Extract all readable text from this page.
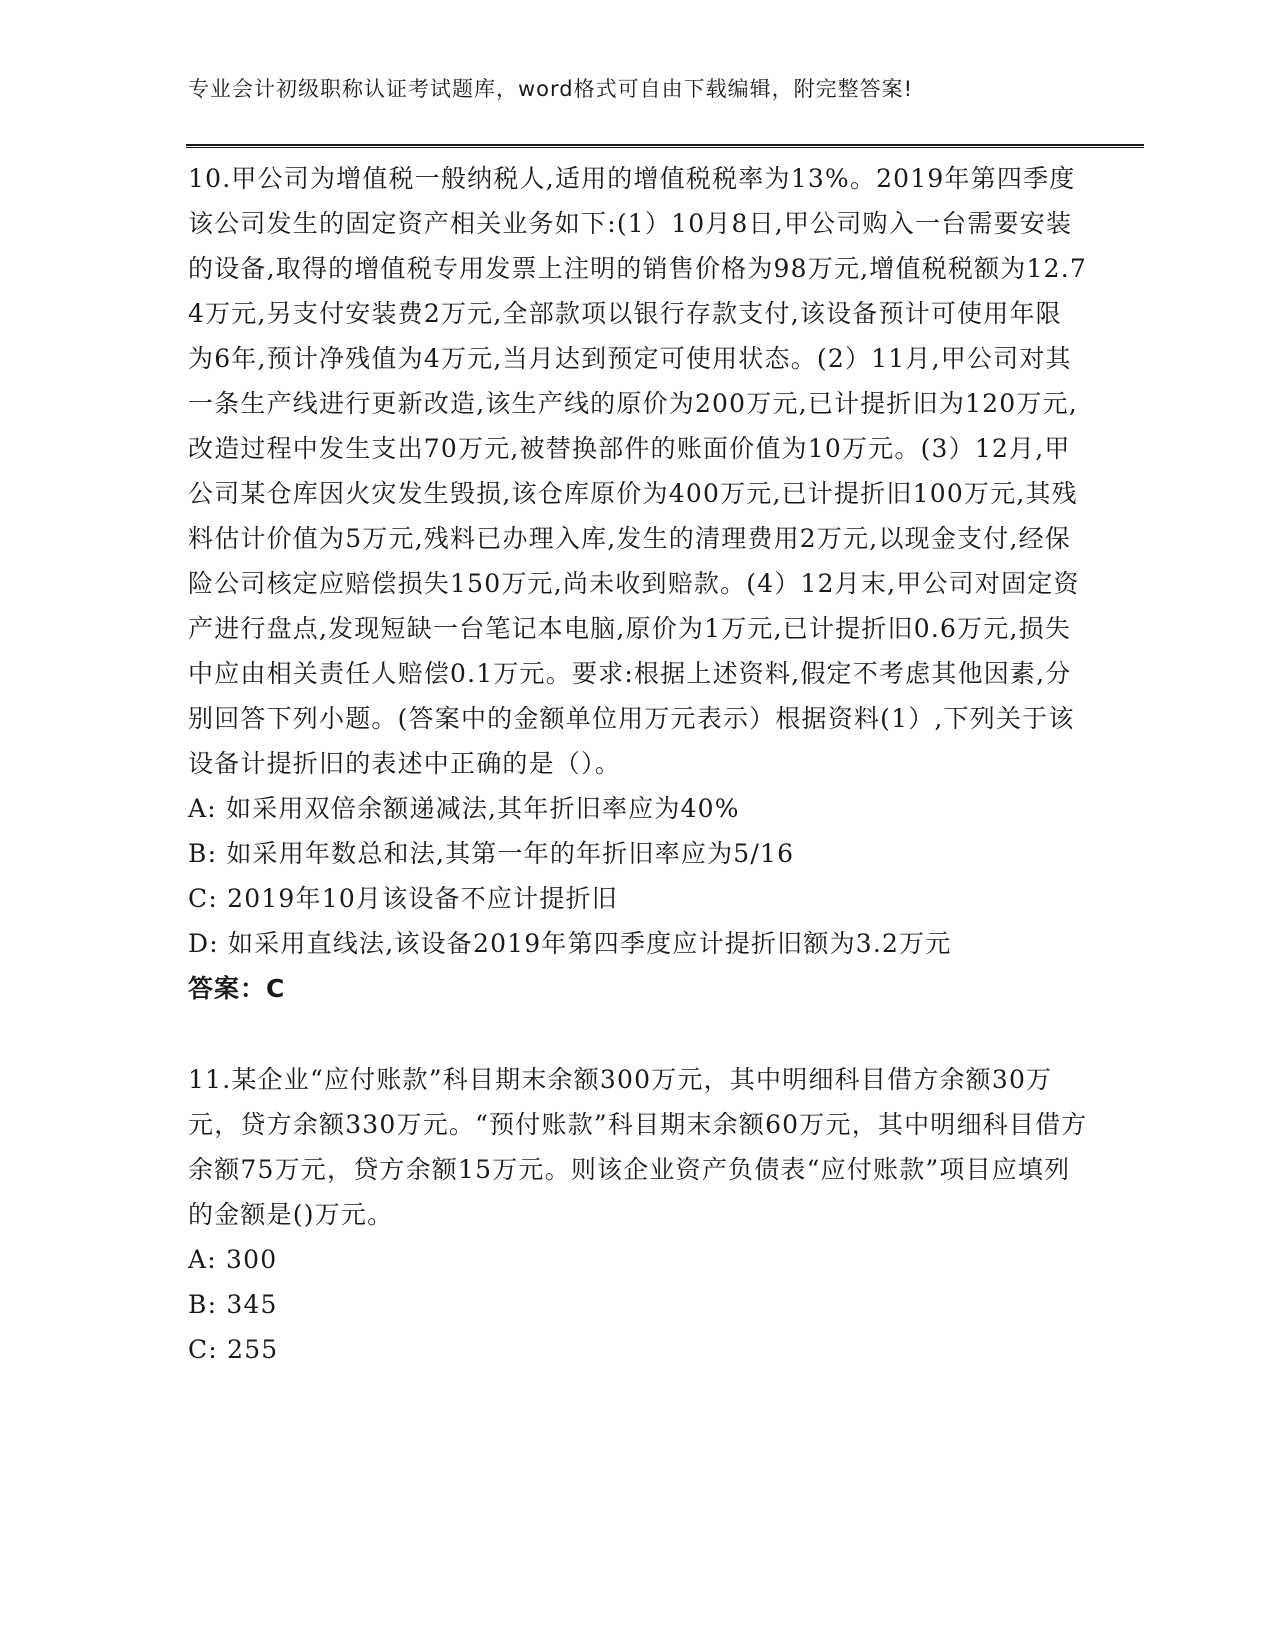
专业会计初级职称认证考试题库，word格式可自由下载编辑，附完整答案!

10.甲公司为增值税一般纳税人,适用的增值税税率为13%。2019年第四季度该公司发生的固定资产相关业务如下:(1）10月8日,甲公司购入一台需要安装的设备,取得的增值税专用发票上注明的销售价格为98万元,增值税税额为12.74万元,另支付安装费2万元,全部款项以银行存款支付,该设备预计可使用年限为6年,预计净残值为4万元,当月达到预定可使用状态。(2）11月,甲公司对其一条生产线进行更新改造,该生产线的原价为200万元,已计提折旧为120万元,改造过程中发生支出70万元,被替换部件的账面价值为10万元。(3）12月,甲公司某仓库因火灾发生毁损,该仓库原价为400万元,已计提折旧100万元,其残料估计价值为5万元,残料已办理入库,发生的清理费用2万元,以现金支付,经保险公司核定应赔偿损失150万元,尚未收到赔款。(4）12月末,甲公司对固定资产进行盘点,发现短缺一台笔记本电脑,原价为1万元,已计提折旧0.6万元,损失中应由相关责任人赔偿0.1万元。要求:根据上述资料,假定不考虑其他因素,分别回答下列小题。(答案中的金额单位用万元表示）根据资料(1）,下列关于该设备计提折旧的表述中正确的是（）。

A: 如采用双倍余额递减法,其年折旧率应为40%

B: 如采用年数总和法,其第一年的年折旧率应为5/16

C: 2019年10月该设备不应计提折旧

D: 如采用直线法,该设备2019年第四季度应计提折旧额为3.2万元

答案：C

11.某企业“应付账款”科目期末余额300万元，其中明细科目借方余额30万元，贷方余额330万元。“预付账款”科目期末余额60万元，其中明细科目借方余额75万元，贷方余额15万元。则该企业资产负债表“应付账款”项目应填列的金额是()万元。

A: 300

B: 345

C: 255
